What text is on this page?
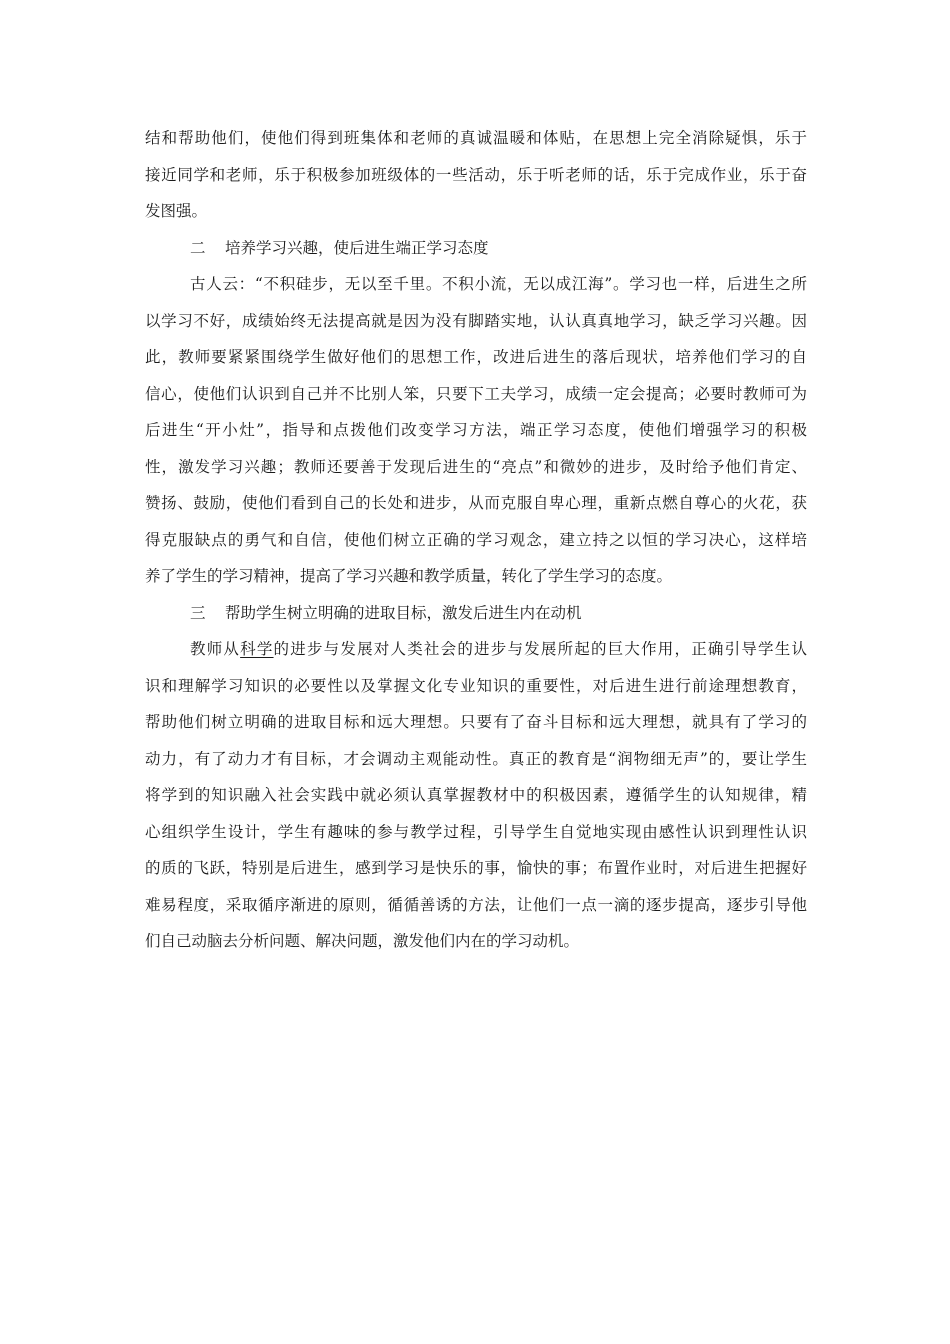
结和帮助他们，使他们得到班集体和老师的真诚温暖和体贴，在思想上完全消除疑惧，乐于
接近同学和老师，乐于积极参加班级体的一些活动，乐于听老师的话，乐于完成作业，乐于奋
发图强。
二 培养学习兴趣，使后进生端正学习态度
古人云：“不积硅步，无以至千里。不积小流，无以成江海”。学习也一样，后进生之所
以学习不好，成绩始终无法提高就是因为没有脚踏实地，认认真真地学习，缺乏学习兴趣。因
此，教师要紧紧围绕学生做好他们的思想工作，改进后进生的落后现状，培养他们学习的自
信心，使他们认识到自己并不比别人笨，只要下工夫学习，成绩一定会提高；必要时教师可为
后进生“开小灶”，指导和点拨他们改变学习方法，端正学习态度，使他们增强学习的积极
性，激发学习兴趣；教师还要善于发现后进生的“亮点”和微妙的进步，及时给予他们肯定、
赞扬、鼓励，使他们看到自己的长处和进步，从而克服自卑心理，重新点燃自尊心的火花，获
得克服缺点的勇气和自信，使他们树立正确的学习观念，建立持之以恒的学习决心，这样培
养了学生的学习精神，提高了学习兴趣和教学质量，转化了学生学习的态度。
三 帮助学生树立明确的进取目标，激发后进生内在动机
教师从科学的进步与发展对人类社会的进步与发展所起的巨大作用，正确引导学生认
识和理解学习知识的必要性以及掌握文化专业知识的重要性，对后进生进行前途理想教育，
帮助他们树立明确的进取目标和远大理想。只要有了奋斗目标和远大理想，就具有了学习的
动力，有了动力才有目标，才会调动主观能动性。真正的教育是“润物细无声”的，要让学生
将学到的知识融入社会实践中就必须认真掌握教材中的积极因素，遵循学生的认知规律，精
心组织学生设计，学生有趣味的参与教学过程，引导学生自觉地实现由感性认识到理性认识
的质的飞跃，特别是后进生，感到学习是快乐的事，愉快的事；布置作业时，对后进生把握好
难易程度，采取循序渐进的原则，循循善诱的方法，让他们一点一滴的逐步提高，逐步引导他
们自己动脑去分析问题、解决问题，激发他们内在的学习动机。
